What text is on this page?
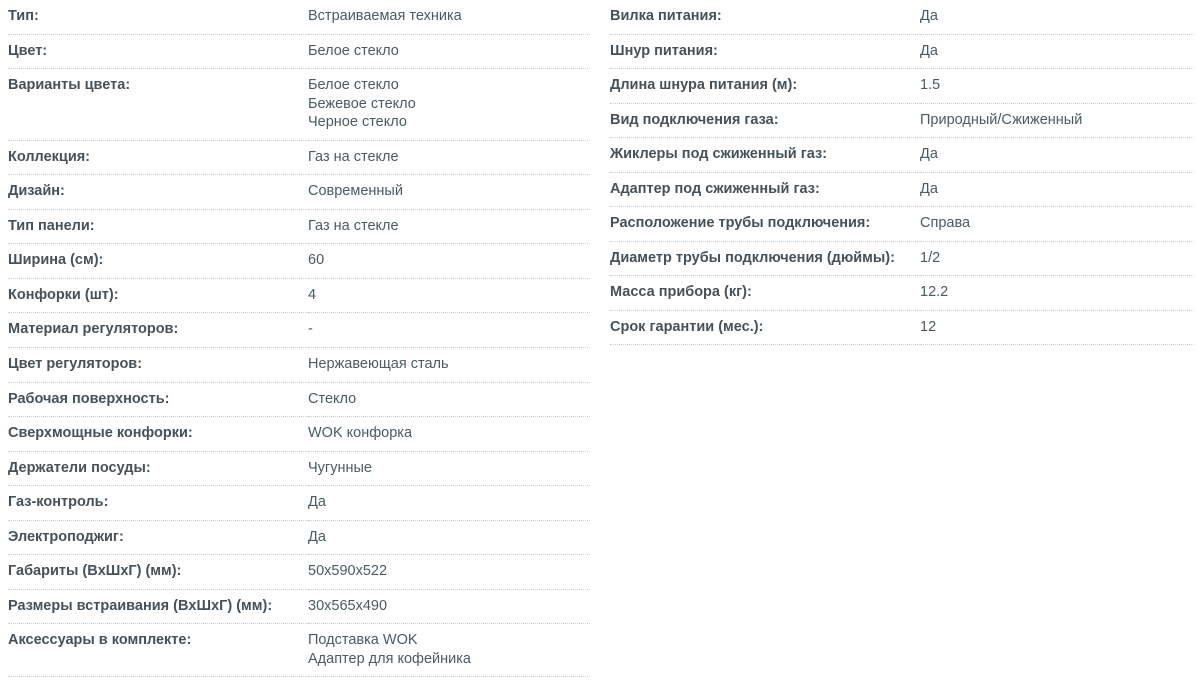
Тип:	Встраиваемая техника

Цвет:	Белое стекло

Варианты цвета:	Белое стекло
Бежевое стекло
Черное стекло

Коллекция:	Газ на стекле

Дизайн:	Современный

Тип панели:	Газ на стекле

Ширина (см):	60

Конфорки (шт):	4

Материал регуляторов:	-

Цвет регуляторов:	Нержавеющая сталь

Рабочая поверхность:	Стекло

Сверхмощные конфорки:	WOK конфорка

Держатели посуды:	Чугунные

Газ-контроль:	Да

Электроподжиг:	Да

Габариты (ВxШxГ) (мм):	50x590x522

Размеры встраивания (ВxШxГ) (мм):	30x565x490

Аксессуары в комплекте:	Подставка WOK
Адаптер для кофейника
Вилка питания:	Да

Шнур питания:	Да

Длина шнура питания (м):	1.5

Вид подключения газа:	Природный/Сжиженный

Жиклеры под сжиженный газ:	Да

Адаптер под сжиженный газ:	Да

Расположение трубы подключения:	Справа

Диаметр трубы подключения (дюймы):	1/2

Масса прибора (кг):	12.2

Срок гарантии (мес.):	12
